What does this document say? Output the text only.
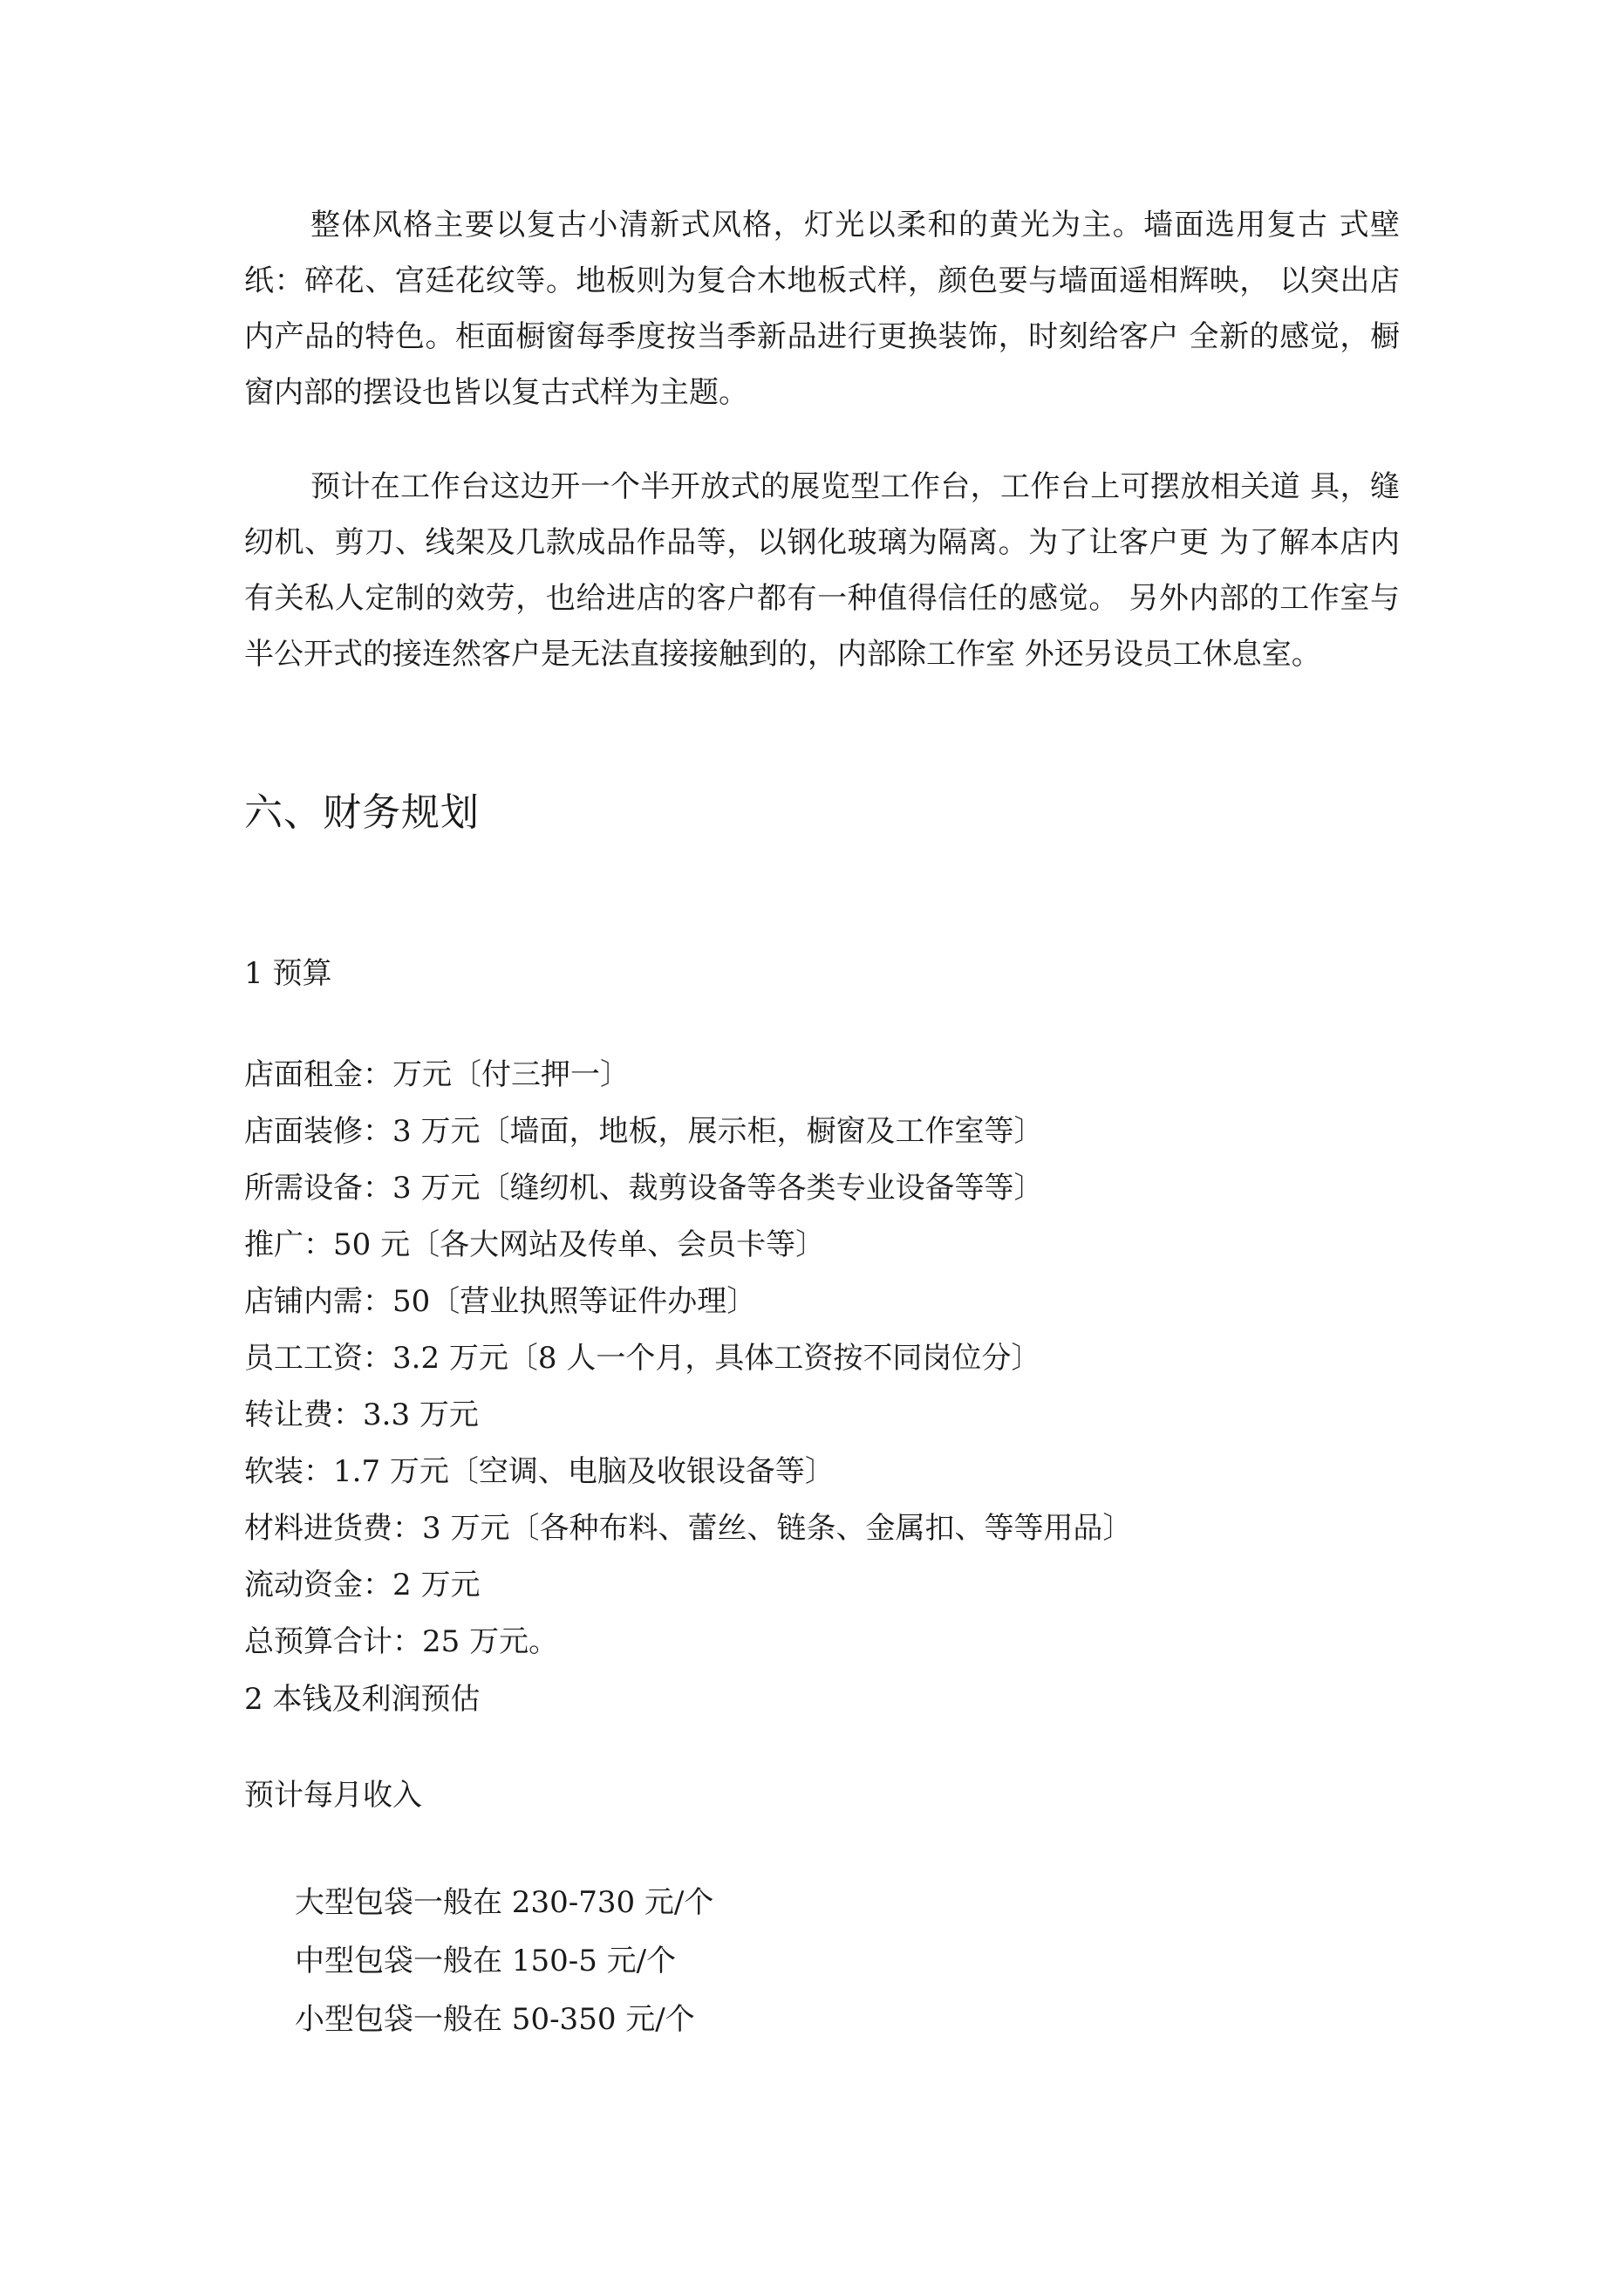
整体风格主要以复古小清新式风格，灯光以柔和的黄光为主。墙面选用复古 式壁纸：碎花、宫廷花纹等。地板则为复合木地板式样，颜色要与墙面遥相辉映， 以突出店内产品的特色。柜面橱窗每季度按当季新品进行更换装饰，时刻给客户 全新的感觉，橱窗内部的摆设也皆以复古式样为主题。

预计在工作台这边开一个半开放式的展览型工作台，工作台上可摆放相关道 具，缝纫机、剪刀、线架及几款成品作品等，以钢化玻璃为隔离。为了让客户更 为了解本店内有关私人定制的效劳，也给进店的客户都有一种值得信任的感觉。 另外内部的工作室与半公开式的接连然客户是无法直接接触到的，内部除工作室 外还另设员工休息室。

六、财务规划

1 预算

店面租金：万元〔付三押一〕
店面装修：3 万元〔墙面，地板，展示柜，橱窗及工作室等〕
所需设备：3 万元〔缝纫机、裁剪设备等各类专业设备等等〕
推广：50 元〔各大网站及传单、会员卡等〕
店铺内需：50〔营业执照等证件办理〕
员工工资：3.2 万元〔8 人一个月，具体工资按不同岗位分〕
转让费：3.3 万元
软装：1.7 万元〔空调、电脑及收银设备等〕
材料进货费：3 万元〔各种布料、蕾丝、链条、金属扣、等等用品〕
流动资金：2 万元
总预算合计：25 万元。

2 本钱及利润预估

预计每月收入

大型包袋一般在 230-730 元/个
中型包袋一般在 150-5 元/个
小型包袋一般在 50-350 元/个
